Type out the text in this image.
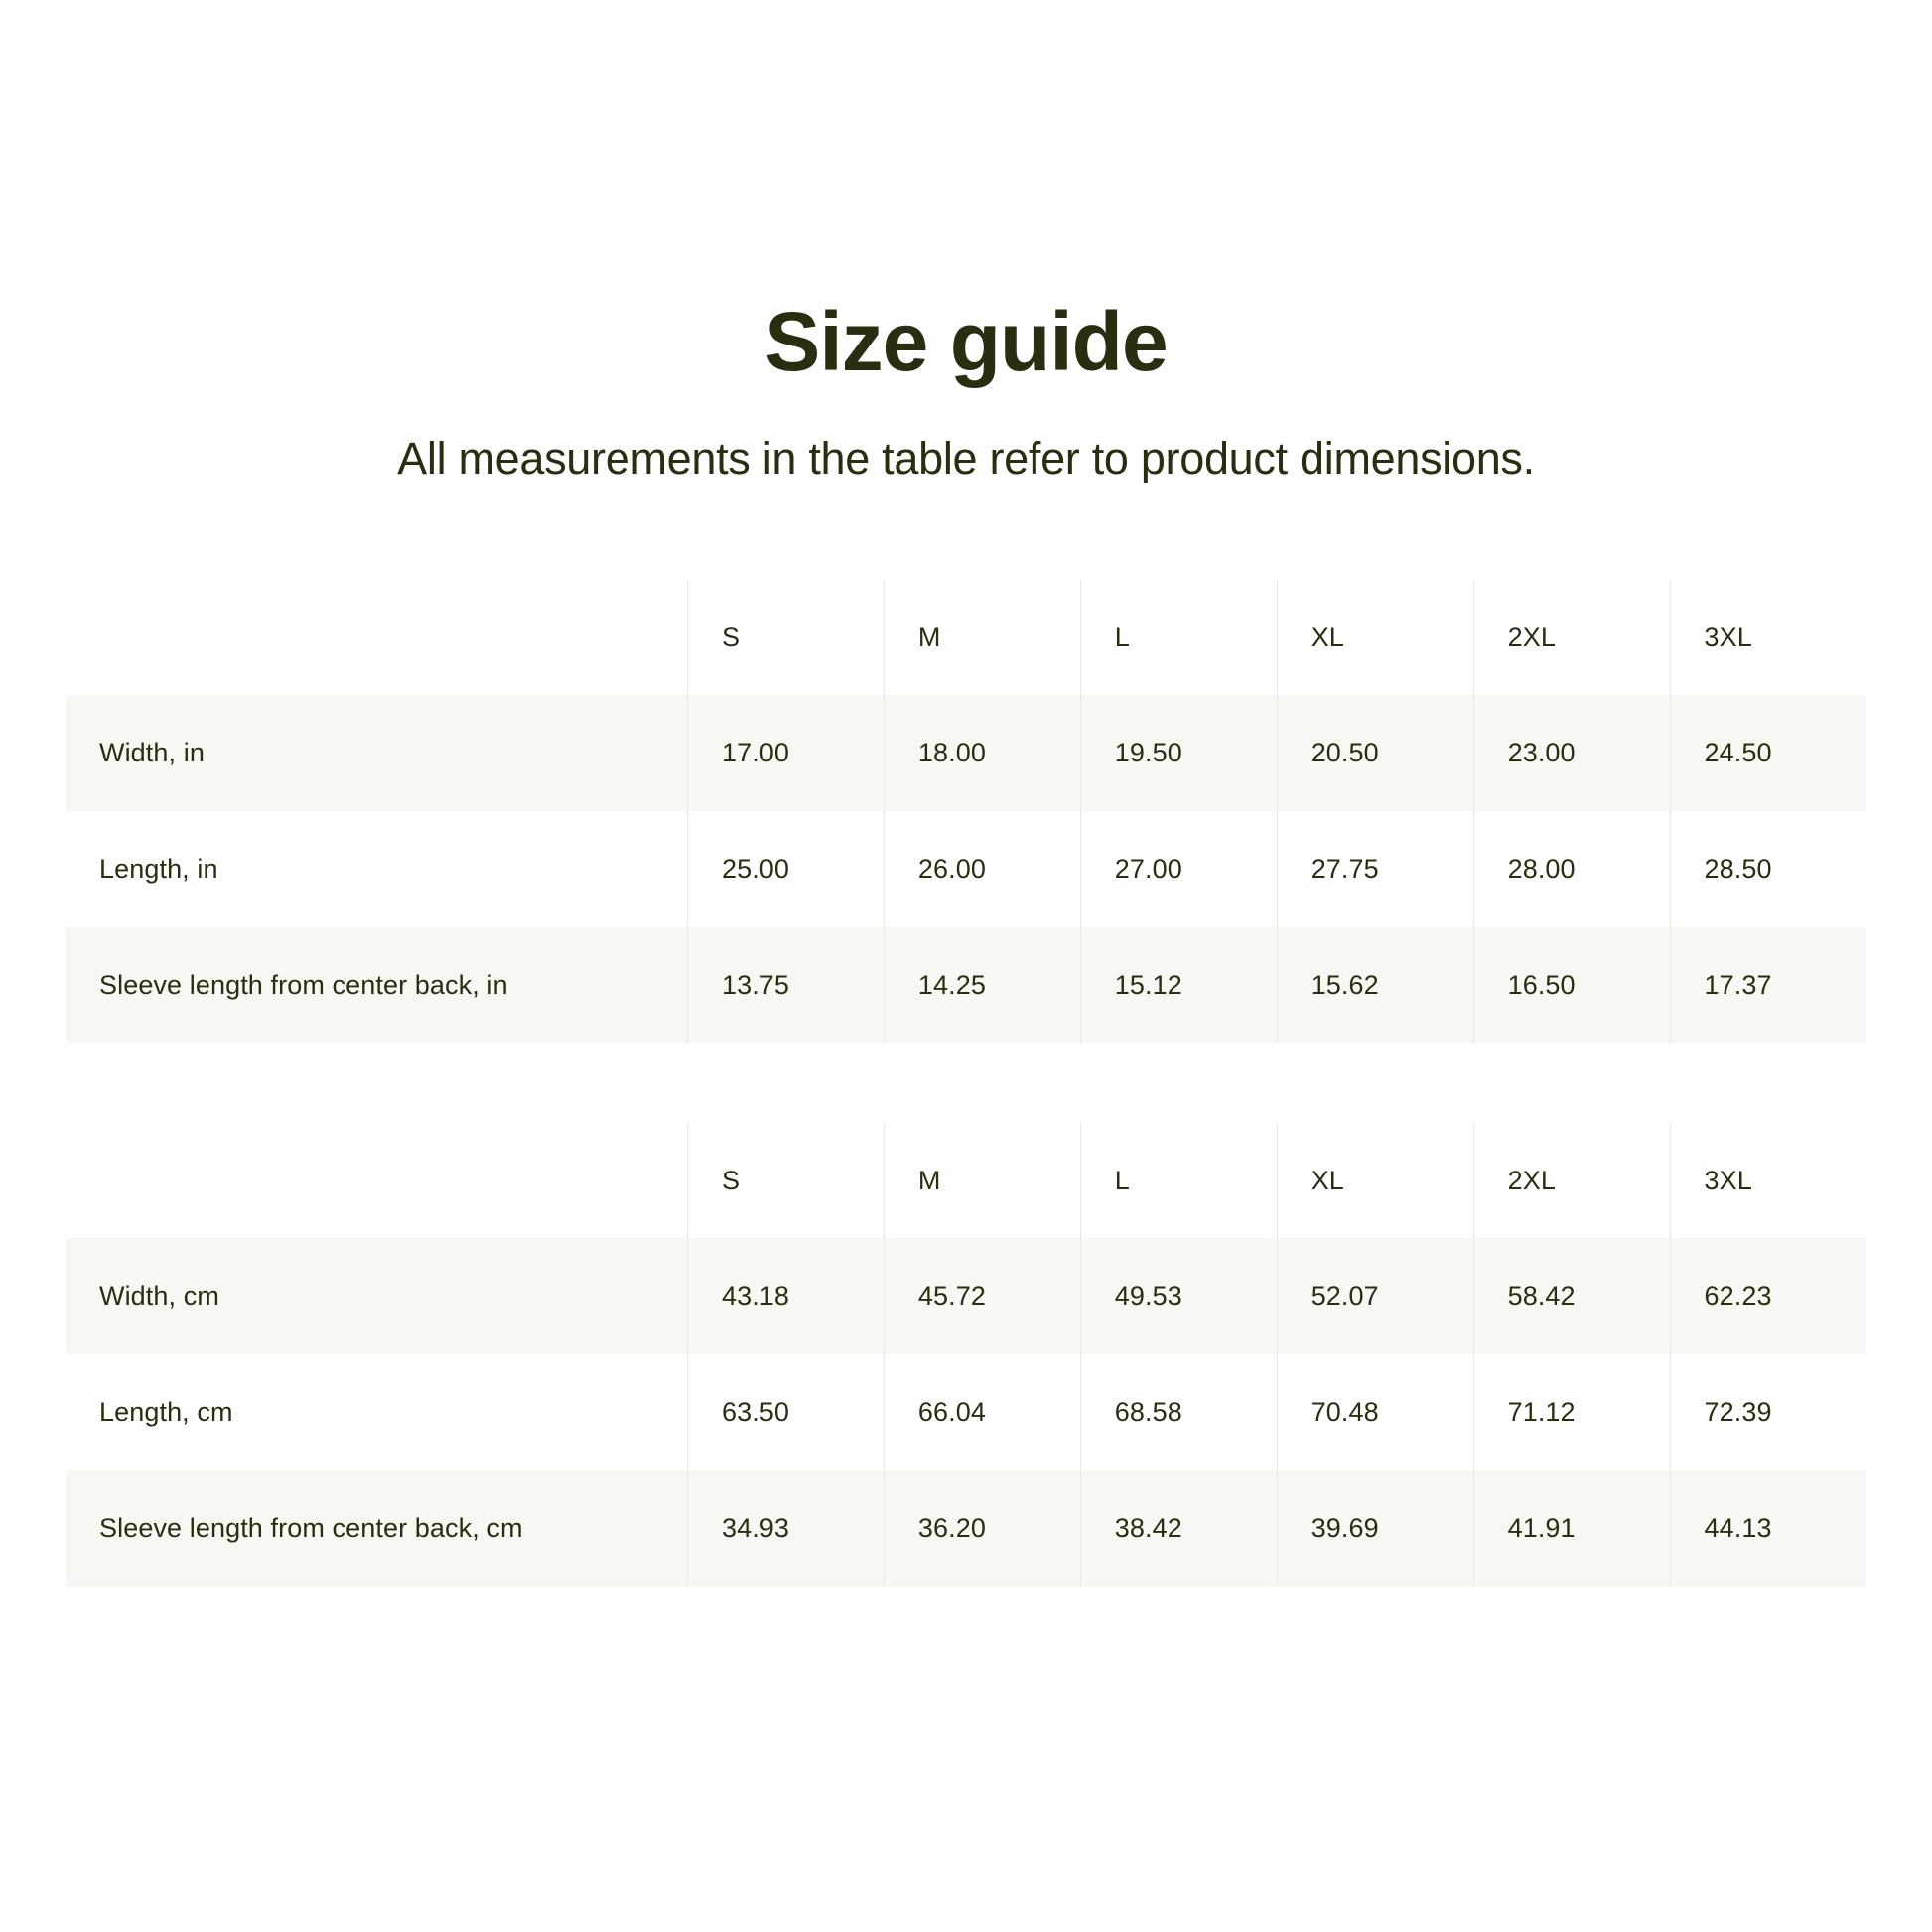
Size guide
All measurements in the table refer to product dimensions.
	S	M	L	XL	2XL	3XL
Width, in	17.00	18.00	19.50	20.50	23.00	24.50
Length, in	25.00	26.00	27.00	27.75	28.00	28.50
Sleeve length from center back, in	13.75	14.25	15.12	15.62	16.50	17.37
	S	M	L	XL	2XL	3XL
Width, cm	43.18	45.72	49.53	52.07	58.42	62.23
Length, cm	63.50	66.04	68.58	70.48	71.12	72.39
Sleeve length from center back, cm	34.93	36.20	38.42	39.69	41.91	44.13
